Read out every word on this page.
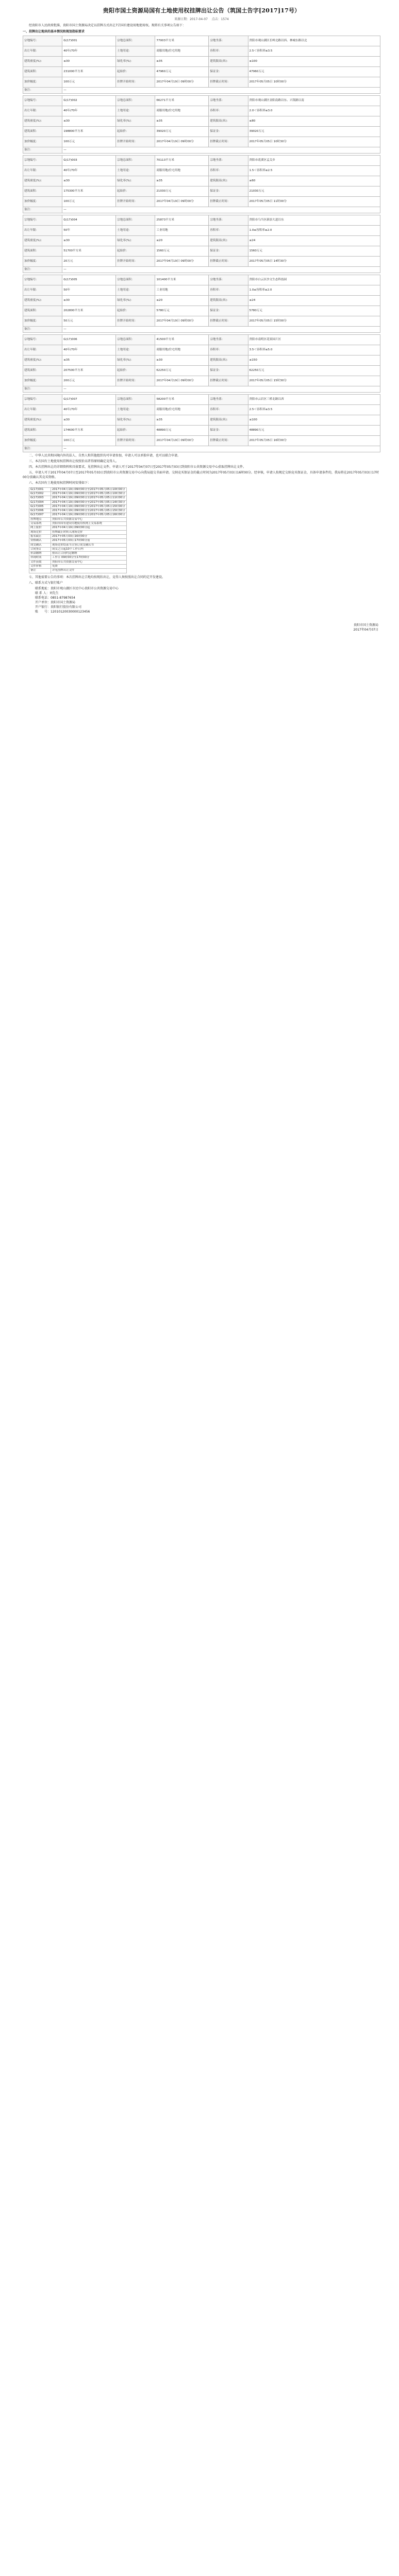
贵阳市国土资源局国有土地使用权挂牌出让公告（筑国土告字[2017]17号）
来源日期：2017-04-07 点击：1574

经贵阳市人民政府批准，贵阳市国土资源局决定以挂牌方式出让7宗国有建设用地使用权。现将有关事项公告如下：

一、挂牌出让地块的基本情况和规划指标要求

宗地编号：	G(17)001	宗地总面积：	77003平方米	宗地坐落：	贵阳市观山湖区长岭北路以西、林城东路以北
出让年限：	40年/70年	土地用途：	商服用地/住宅用地	容积率：	2.5＜容积率≤3.5
建筑密度(%)：	≤30	绿化率(%)：	≥35	建筑限高(米)：	≤100
建筑面积：	231000平方米	起始价：	47960万元	保证金：	47960万元
加价幅度：	100万元	挂牌开始时间：	2017年04月19日 09时00分	挂牌截止时间：	2017年05月05日 10时00分
备注：	—				
宗地编号：	G(17)002	宗地总面积：	66271平方米	宗地坐落：	贵阳市观山湖区金阳南路以东、兴筑路以南
出让年限：	40年/70年	土地用途：	商服用地/住宅用地	容积率：	2.0＜容积率≤3.0
建筑密度(%)：	≤30	绿化率(%)：	≥35	建筑限高(米)：	≤80
建筑面积：	198800平方米	起始价：	39020万元	保证金：	39020万元
加价幅度：	100万元	挂牌开始时间：	2017年04月19日 09时00分	挂牌截止时间：	2017年05月05日 10时30分
备注：	—				
宗地编号：	G(17)003	宗地总面积：	70113平方米	宗地坐落：	贵阳市花溪区孟关乡
出让年限：	40年/70年	土地用途：	商服用地/住宅用地	容积率：	1.5＜容积率≤2.5
建筑密度(%)：	≤30	绿化率(%)：	≥35	建筑限高(米)：	≤60
建筑面积：	175300平方米	起始价：	21030万元	保证金：	21030万元
加价幅度：	100万元	挂牌开始时间：	2017年04月19日 09时00分	挂牌截止时间：	2017年05月05日 11时00分
备注：	—				
宗地编号：	G(17)004	宗地总面积：	25873平方米	宗地坐落：	贵阳市乌当区新添大道以东
出让年限：	50年	土地用途：	工业用地	容积率：	1.0≤容积率≤2.0
建筑密度(%)：	≥30	绿化率(%)：	≤20	建筑限高(米)：	≤24
建筑面积：	51700平方米	起始价：	1560万元	保证金：	1560万元
加价幅度：	20万元	挂牌开始时间：	2017年04月19日 09时00分	挂牌截止时间：	2017年05月05日 14时30分
备注：	—				
宗地编号：	G(17)005	宗地总面积：	101400平方米	宗地坐落：	贵阳市白云区沙文生态科技园
出让年限：	50年	土地用途：	工业用地	容积率：	1.0≤容积率≤2.0
建筑密度(%)：	≥30	绿化率(%)：	≤20	建筑限高(米)：	≤24
建筑面积：	202800平方米	起始价：	5780万元	保证金：	5780万元
加价幅度：	50万元	挂牌开始时间：	2017年04月19日 09时00分	挂牌截止时间：	2017年05月05日 15时00分
备注：	—				
宗地编号：	G(17)006	宗地总面积：	41500平方米	宗地坐落：	贵阳市南明区花果园片区
出让年限：	40年/70年	土地用途：	商服用地/住宅用地	容积率：	3.5＜容积率≤5.0
建筑密度(%)：	≤35	绿化率(%)：	≥30	建筑限高(米)：	≤150
建筑面积：	207500平方米	起始价：	62250万元	保证金：	62250万元
加价幅度：	200万元	挂牌开始时间：	2017年04月19日 09时00分	挂牌截止时间：	2017年05月05日 15时30分
备注：	—				
宗地编号：	G(17)007	宗地总面积：	58200平方米	宗地坐落：	贵阳市云岩区三桥北路以西
出让年限：	40年/70年	土地用途：	商服用地/住宅用地	容积率：	2.5＜容积率≤3.5
建筑密度(%)：	≤30	绿化率(%)：	≥35	建筑限高(米)：	≤100
建筑面积：	174600平方米	起始价：	48890万元	保证金：	48890万元
加价幅度：	100万元	挂牌开始时间：	2017年04月19日 09时00分	挂牌截止时间：	2017年05月05日 16时00分
备注：	—				

二、中华人民共和国境内外的法人、自然人和其他组织均可申请参加，申请人可以单独申请，也可以联合申请。

三、本次国有土地使用权挂牌出让按照价高者得原则确定竞得人。

四、本次挂牌出让的详细资料和具体要求，见挂牌出让文件。申请人可于2017年04月07日至2017年05月03日到贵阳市公共资源交易中心获取挂牌出让文件。

五、申请人可于2017年04月07日至2017年05月03日到贵阳市公共资源交易中心向我局提交书面申请。交纳竞买保证金的截止时间为2017年05月03日16时00分。经审核，申请人按规定交纳竞买保证金，具备申请条件的，我局将在2017年05月03日17时00分前确认其竞买资格。

六、本次国有土地使用权挂牌时间安排如下：

G(17)001	2017年04月19日09时00分至2017年05月05日10时00分
G(17)002	2017年04月19日09时00分至2017年05月05日10时30分
G(17)003	2017年04月19日09时00分至2017年05月05日11时00分
G(17)004	2017年04月19日09时00分至2017年05月05日14时30分
G(17)005	2017年04月19日09时00分至2017年05月05日15时00分
G(17)006	2017年04月19日09时00分至2017年05月05日15时30分
G(17)007	2017年04月19日09时00分至2017年05月05日16时00分
挂牌地点	贵阳市公共资源交易中心
交易系统	贵阳市国有建设用地使用权网上交易系统
网上报价	2017年04月19日09时00分起
现场竞价	挂牌截止时转入现场竞价
报名截止	2017年05月03日16时00分
资格确认	2017年05月03日17时00分前
成交确认	现场竞价结束当日签订成交确认书
合同签订	成交之日起10个工作日内
价款缴纳	按出让合同约定缴纳
咨询时间	工作日 09时00分至17时00分
文件获取	贵阳市公共资源交易中心
文件价格	免费
备注	详见挂牌出让文件

七、其他需要公告的事项：本次挂牌出让宗地均按现状出让，竞得人须按照出让合同约定开发建设。

八、联系方式与银行账户

联系地址：贵阳市观山湖区市民中心贵阳市公共资源交易中心

联 系 人：刘先生

联系电话：0851-87987654

开户单位：贵阳市国土资源局

开户银行：贵阳银行股份有限公司

账　　号：12010120030000123456

贵阳市国土资源局
2017年04月07日
